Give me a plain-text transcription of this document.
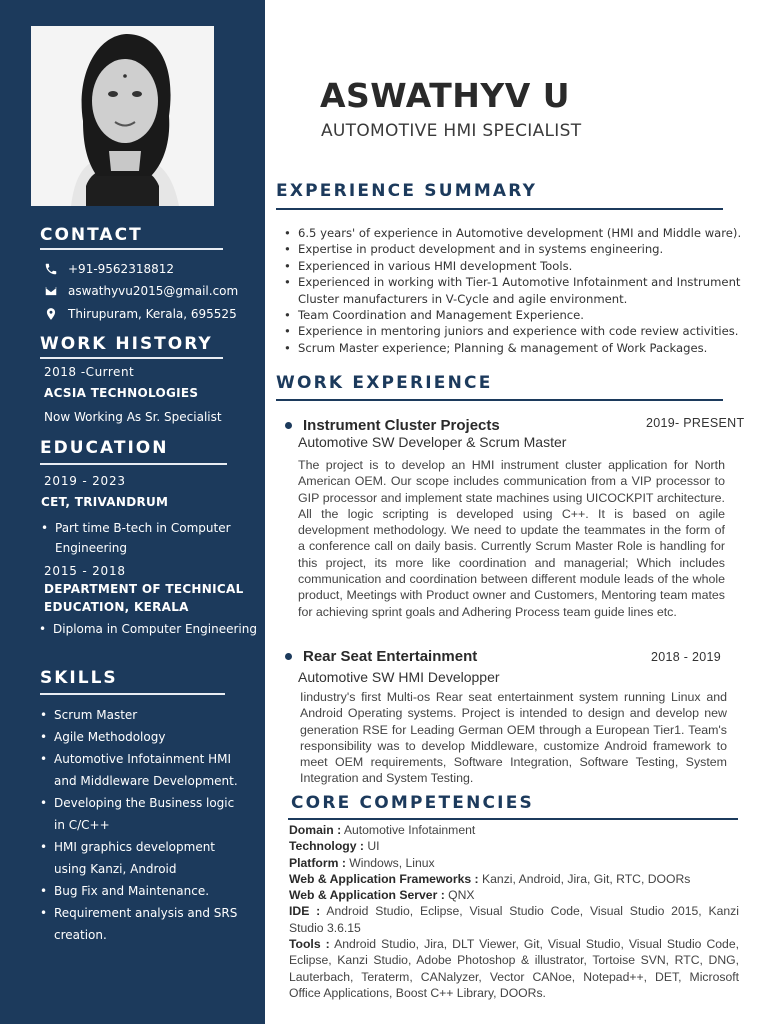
CONTACT
+91-9562318812
aswathyvu2015@gmail.com
Thirupuram, Kerala, 695525
WORK HISTORY
2018 -Current
ACSIA TECHNOLOGIES
Now Working As Sr. Specialist
EDUCATION
2019 - 2023
CET, TRIVANDRUM
• Part time B-tech in Computer
Engineering
2015 - 2018
DEPARTMENT OF TECHNICAL
EDUCATION, KERALA
• Diploma in Computer Engineering
SKILLS
• Scrum Master
• Agile Methodology
• Automotive Infotainment HMI
and Middleware Development.
• Developing the Business logic
in C/C++
• HMI graphics development
using Kanzi, Android
• Bug Fix and Maintenance.
• Requirement analysis and SRS
creation.
ASWATHYV U
AUTOMOTIVE HMI SPECIALIST
EXPERIENCE SUMMARY
• 6.5 years' of experience in Automotive development (HMI and Middle ware).
• Expertise in product development and in systems engineering.
• Experienced in various HMI development Tools.
• Experienced in working with Tier-1 Automotive Infotainment and Instrument Cluster manufacturers in V-Cycle and agile environment.
• Team Coordination and Management Experience.
• Experience in mentoring juniors and experience with code review activities.
• Scrum Master experience; Planning & management of Work Packages.
WORK EXPERIENCE
Instrument Cluster Projects	2019- PRESENT
Automotive SW Developer & Scrum Master
The project is to develop an HMI instrument cluster application for North American OEM. Our scope includes communication from a VIP processor to GIP processor and implement state machines using UICOCKPIT architecture. All the logic scripting is developed using C++. It is based on agile development methodology. We need to update the teammates in the form of a conference call on daily basis. Currently Scrum Master Role is handling for this project, its more like coordination and managerial; Which includes communication and coordination between different module leads of the whole product, Meetings with Product owner and Customers, Mentoring team mates for achieving sprint goals and Adhering Process team guide lines etc.
Rear Seat Entertainment	2018 - 2019
Automotive SW HMI Developper
Iindustry's first Multi-os Rear seat entertainment system running Linux and Android Operating systems. Project is intended to design and develop new generation RSE for Leading German OEM through a European Tier1. Team's responsibility was to develop Middleware, customize Android framework to meet OEM requirements, Software Integration, Software Testing, System Integration and System Testing.
CORE COMPETENCIES
Domain : Automotive Infotainment
Technology : UI
Platform : Windows, Linux
Web & Application Frameworks : Kanzi, Android, Jira, Git, RTC, DOORs
Web & Application Server : QNX
IDE : Android Studio, Eclipse, Visual Studio Code, Visual Studio 2015, Kanzi Studio 3.6.15
Tools : Android Studio, Jira, DLT Viewer, Git, Visual Studio, Visual Studio Code, Eclipse, Kanzi Studio, Adobe Photoshop & illustrator, Tortoise SVN, RTC, DNG, Lauterbach, Teraterm, CANalyzer, Vector CANoe, Notepad++, DET, Microsoft Office Applications, Boost C++ Library, DOORs.
